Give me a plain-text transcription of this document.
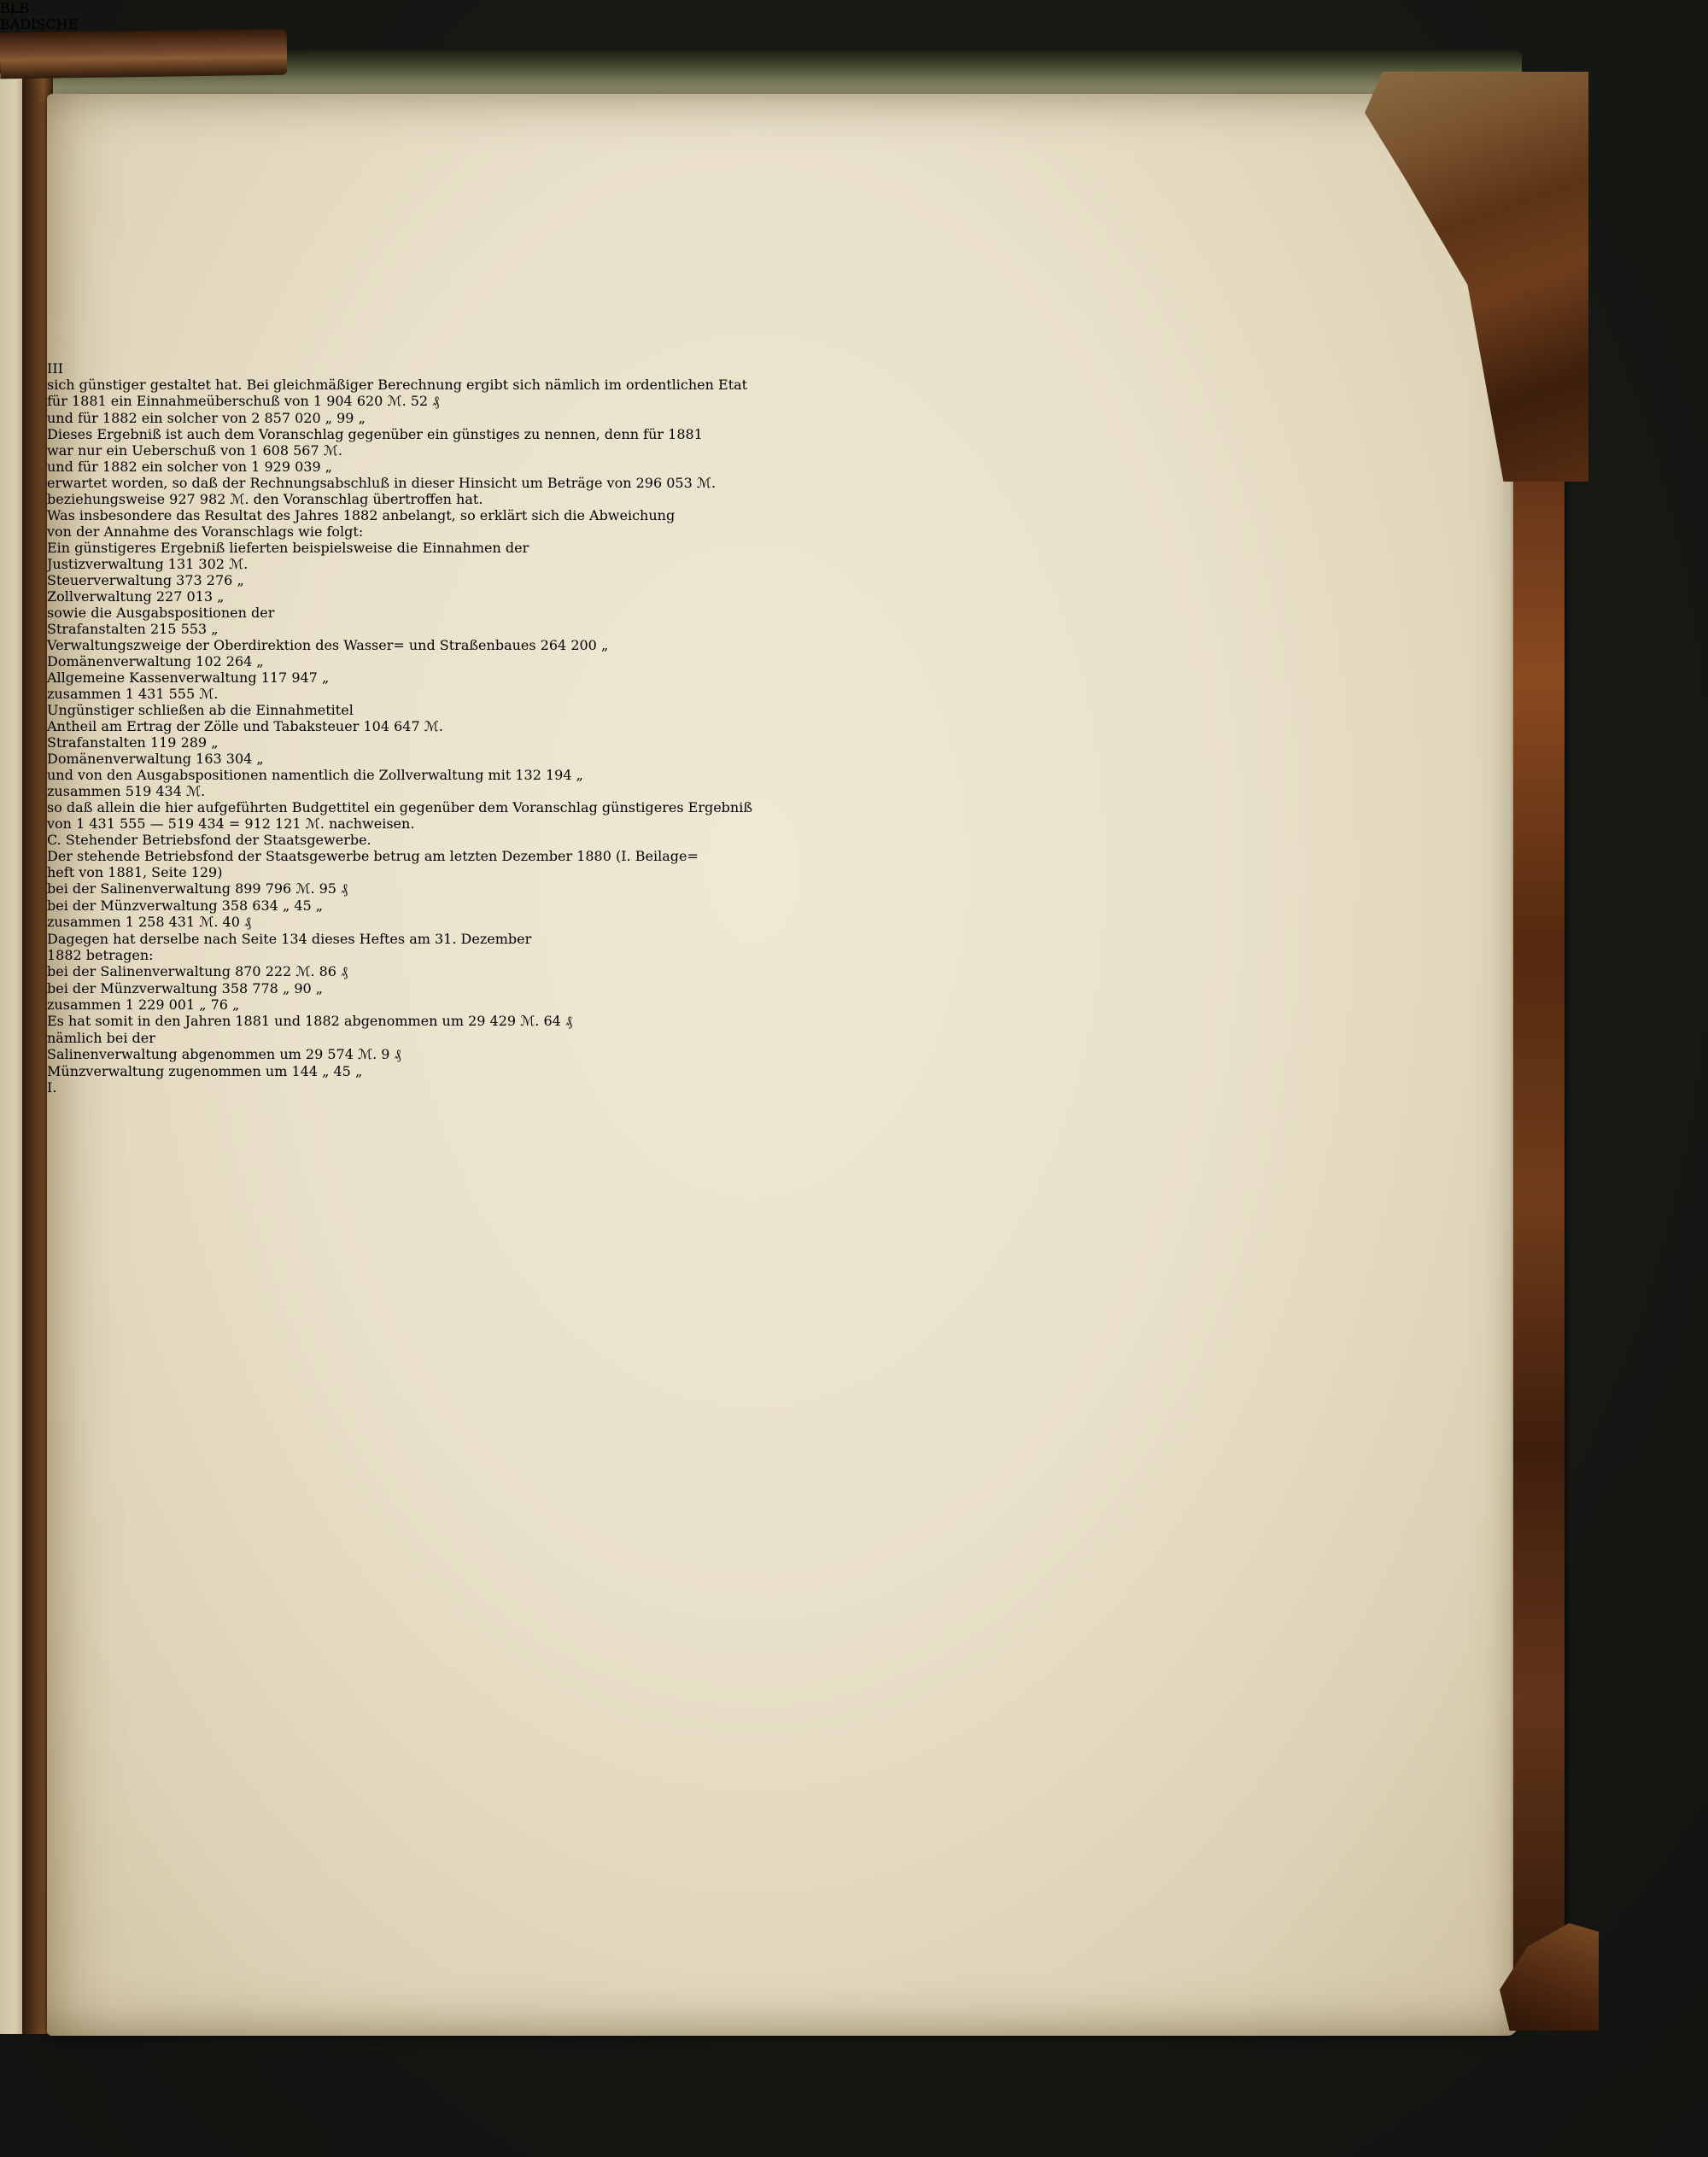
III
sich günstiger gestaltet hat. Bei gleichmäßiger Berechnung ergibt sich nämlich im ordentlichen Etat
für 1881 ein Einnahmeüberschuß von 1 904 620 ℳ. 52 ₰
und für 1882 ein solcher von 2 857 020 „ 99 „
Dieses Ergebniß ist auch dem Voranschlag gegenüber ein günstiges zu nennen, denn für 1881
war nur ein Ueberschuß von 1 608 567 ℳ.
und für 1882 ein solcher von 1 929 039 „
erwartet worden, so daß der Rechnungsabschluß in dieser Hinsicht um Beträge von 296 053 ℳ.
beziehungsweise 927 982 ℳ. den Voranschlag übertroffen hat.
Was insbesondere das Resultat des Jahres 1882 anbelangt, so erklärt sich die Abweichung
von der Annahme des Voranschlags wie folgt:
Ein günstigeres Ergebniß lieferten beispielsweise die Einnahmen der
Justizverwaltung 131 302 ℳ.
Steuerverwaltung 373 276 „
Zollverwaltung 227 013 „
sowie die Ausgabspositionen der
Strafanstalten 215 553 „
Verwaltungszweige der Oberdirektion des Wasser= und Straßenbaues 264 200 „
Domänenverwaltung 102 264 „
Allgemeine Kassenverwaltung 117 947 „
zusammen 1 431 555 ℳ.
Ungünstiger schließen ab die Einnahmetitel
Antheil am Ertrag der Zölle und Tabaksteuer 104 647 ℳ.
Strafanstalten 119 289 „
Domänenverwaltung 163 304 „
und von den Ausgabspositionen namentlich die Zollverwaltung mit 132 194 „
zusammen 519 434 ℳ.
so daß allein die hier aufgeführten Budgettitel ein gegenüber dem Voranschlag günstigeres Ergebniß
von 1 431 555 — 519 434 = 912 121 ℳ. nachweisen.
C. Stehender Betriebsfond der Staatsgewerbe.
Der stehende Betriebsfond der Staatsgewerbe betrug am letzten Dezember 1880 (I. Beilage=
heft von 1881, Seite 129)
bei der Salinenverwaltung 899 796 ℳ. 95 ₰
bei der Münzverwaltung 358 634 „ 45 „
zusammen 1 258 431 ℳ. 40 ₰
Dagegen hat derselbe nach Seite 134 dieses Heftes am 31. Dezember
1882 betragen:
bei der Salinenverwaltung 870 222 ℳ. 86 ₰
bei der Münzverwaltung 358 778 „ 90 „
zusammen 1 229 001 „ 76 „
Es hat somit in den Jahren 1881 und 1882 abgenommen um 29 429 ℳ. 64 ₰
nämlich bei der
Salinenverwaltung abgenommen um 29 574 ℳ. 9 ₰
Münzverwaltung zugenommen um 144 „ 45 „
I.
BLB
BADISCHE
